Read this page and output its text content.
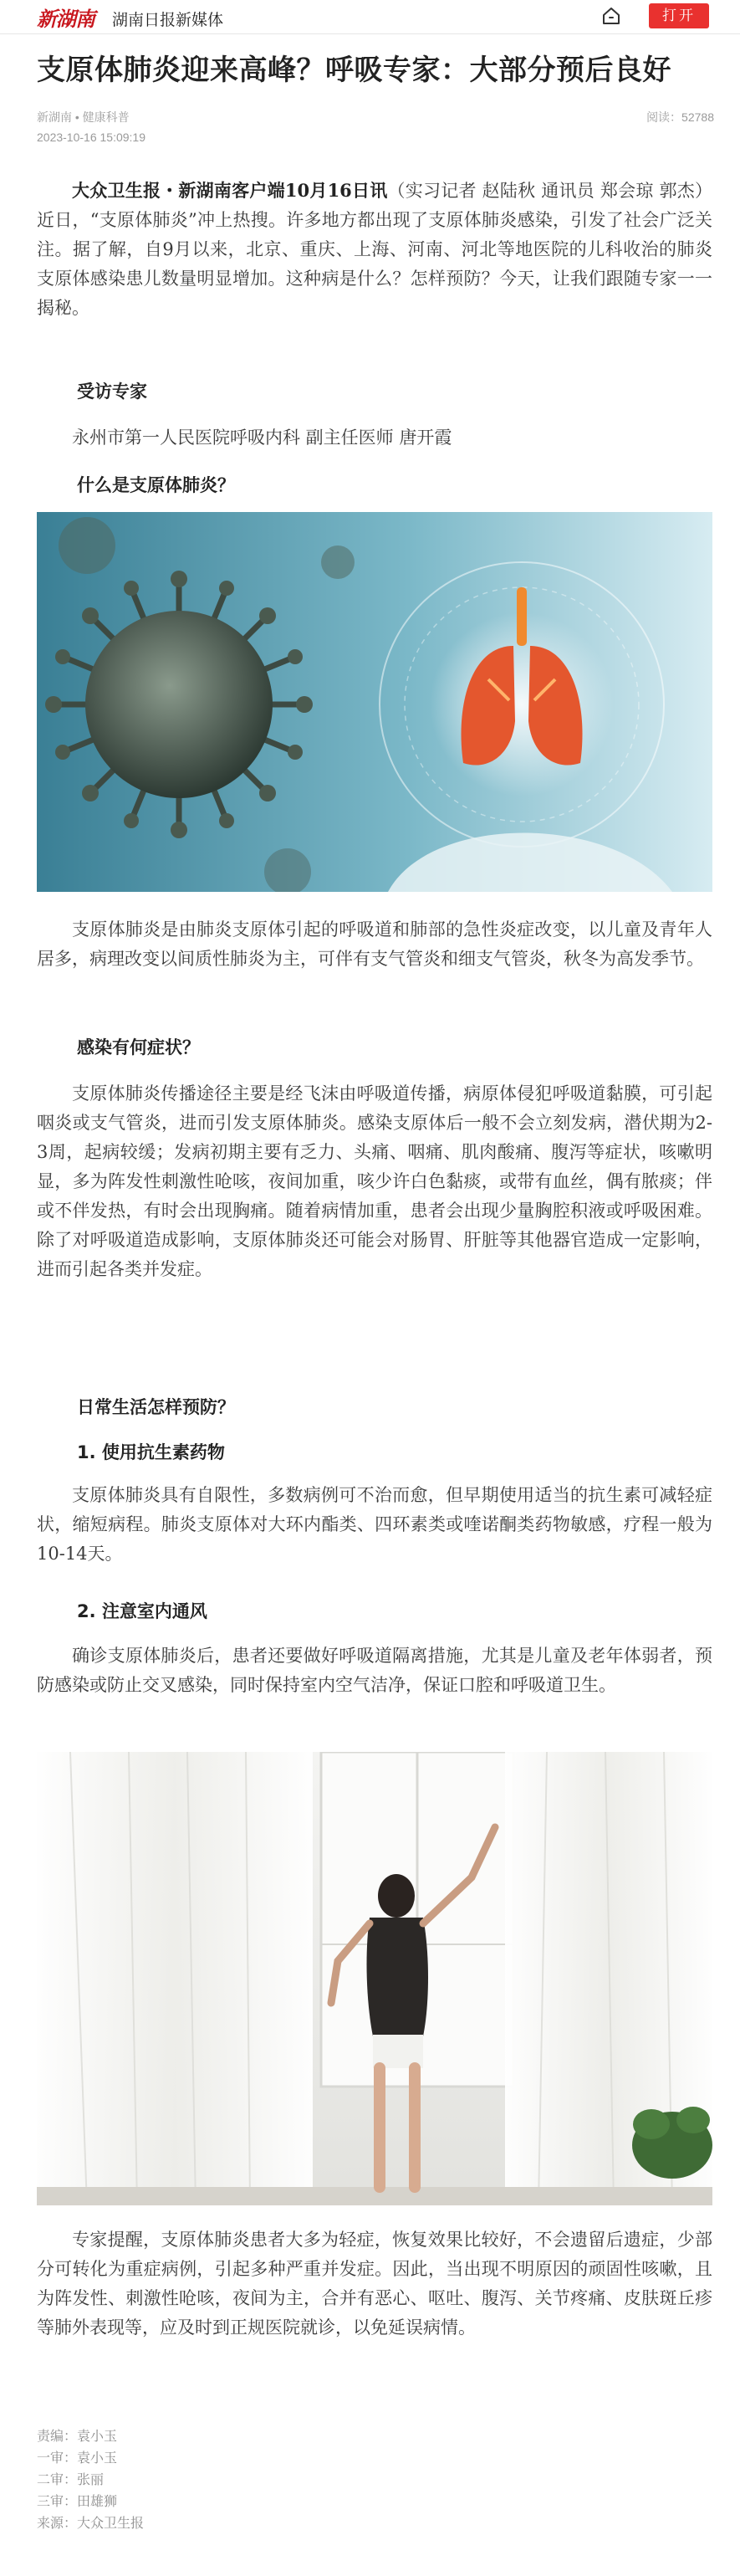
新湖南 湖南日报新媒体	打开
支原体肺炎迎来高峰？呼吸专家：大部分预后良好
新湖南 • 健康科普
2023-10-16 15:09:19
阅读：52788

大众卫生报・新湖南客户端10月16日讯（实习记者 赵陆秋 通讯员 郑会琼 郭杰）近日，“支原体肺炎”冲上热搜。许多地方都出现了支原体肺炎感染，引发了社会广泛关注。据了解，自9月以来，北京、重庆、上海、河南、河北等地医院的儿科收治的肺炎支原体感染患儿数量明显增加。这种病是什么？怎样预防？今天，让我们跟随专家一一揭秘。

受访专家

永州市第一人民医院呼吸内科 副主任医师 唐开霞

什么是支原体肺炎？

支原体肺炎是由肺炎支原体引起的呼吸道和肺部的急性炎症改变，以儿童及青年人居多，病理改变以间质性肺炎为主，可伴有支气管炎和细支气管炎，秋冬为高发季节。

感染有何症状？

支原体肺炎传播途径主要是经飞沫由呼吸道传播，病原体侵犯呼吸道黏膜，可引起咽炎或支气管炎，进而引发支原体肺炎。感染支原体后一般不会立刻发病，潜伏期为2-3周，起病较缓；发病初期主要有乏力、头痛、咽痛、肌肉酸痛、腹泻等症状，咳嗽明显，多为阵发性刺激性呛咳，夜间加重，咳少许白色黏痰，或带有血丝，偶有脓痰；伴或不伴发热，有时会出现胸痛。随着病情加重，患者会出现少量胸腔积液或呼吸困难。除了对呼吸道造成影响，支原体肺炎还可能会对肠胃、肝脏等其他器官造成一定影响，进而引起各类并发症。

日常生活怎样预防？
1. 使用抗生素药物

支原体肺炎具有自限性，多数病例可不治而愈，但早期使用适当的抗生素可减轻症状，缩短病程。肺炎支原体对大环内酯类、四环素类或喹诺酮类药物敏感，疗程一般为10-14天。

2. 注意室内通风

确诊支原体肺炎后，患者还要做好呼吸道隔离措施，尤其是儿童及老年体弱者，预防感染或防止交叉感染，同时保持室内空气洁净，保证口腔和呼吸道卫生。

专家提醒，支原体肺炎患者大多为轻症，恢复效果比较好，不会遗留后遗症，少部分可转化为重症病例，引起多种严重并发症。因此，当出现不明原因的顽固性咳嗽，且为阵发性、刺激性呛咳，夜间为主，合并有恶心、呕吐、腹泻、关节疼痛、皮肤斑丘疹等肺外表现等，应及时到正规医院就诊，以免延误病情。

责编：袁小玉
一审：袁小玉
二审：张丽
三审：田雄狮
来源：大众卫生报
